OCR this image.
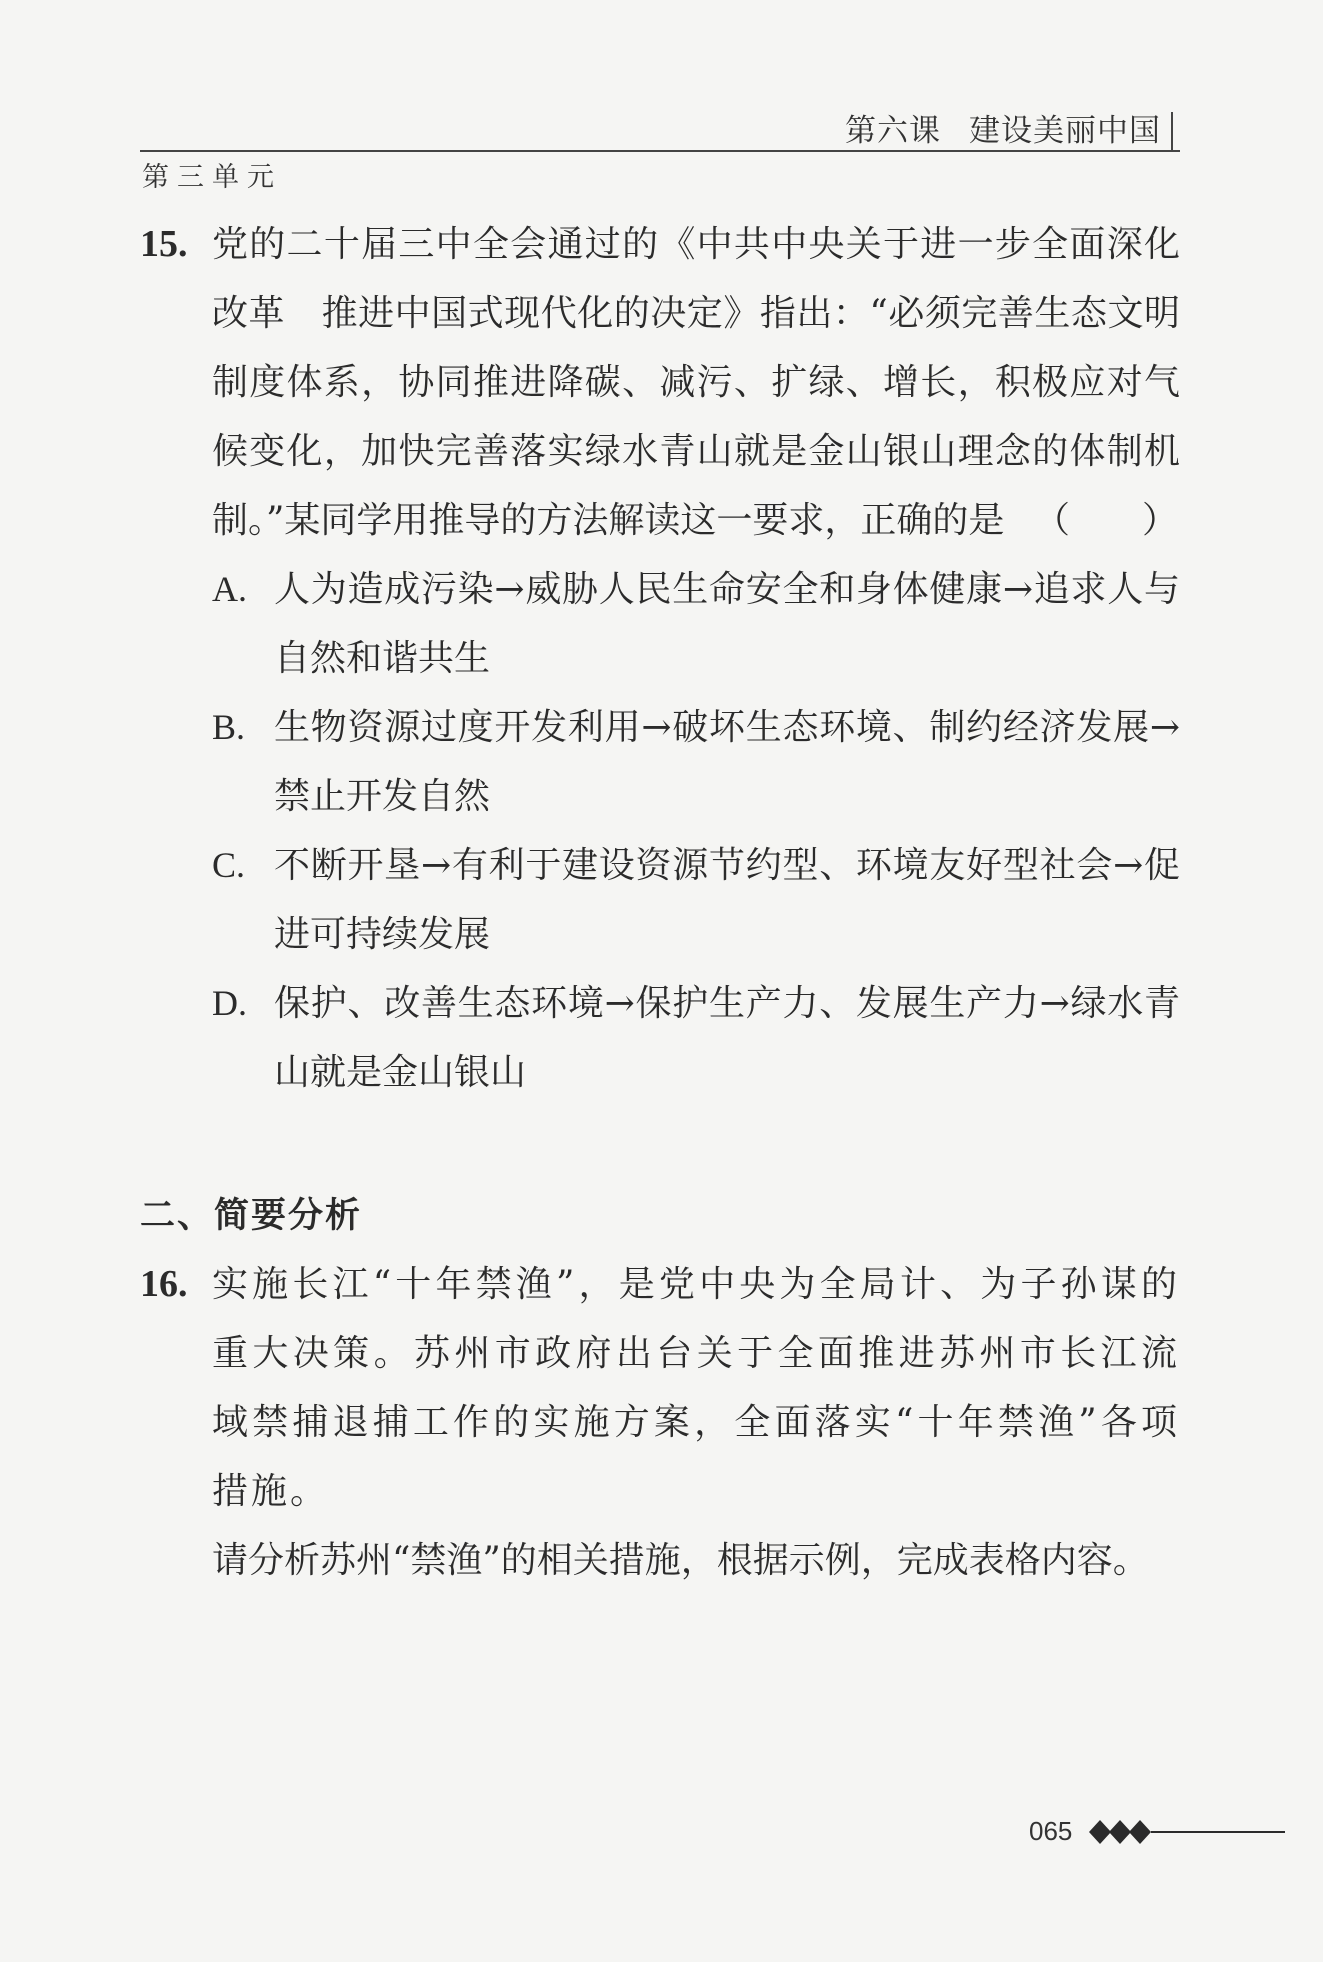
第六课 建设美丽中国
第三单元
15. 党的二十届三中全会通过的《中共中央关于进一步全面深化改革　推进中国式现代化的决定》指出：“必须完善生态文明制度体系，协同推进降碳、减污、扩绿、增长，积极应对气候变化，加快完善落实绿水青山就是金山银山理念的体制机制。”某同学用推导的方法解读这一要求，正确的是 （　　）
A. 人为造成污染→威胁人民生命安全和身体健康→追求人与自然和谐共生
B. 生物资源过度开发利用→破坏生态环境、制约经济发展→禁止开发自然
C. 不断开垦→有利于建设资源节约型、环境友好型社会→促进可持续发展
D. 保护、改善生态环境→保护生产力、发展生产力→绿水青山就是金山银山
二、简要分析
16. 实施长江“十年禁渔”，是党中央为全局计、为子孙谋的重大决策。苏州市政府出台关于全面推进苏州市长江流域禁捕退捕工作的实施方案，全面落实“十年禁渔”各项措施。
请分析苏州“禁渔”的相关措施，根据示例，完成表格内容。
065
